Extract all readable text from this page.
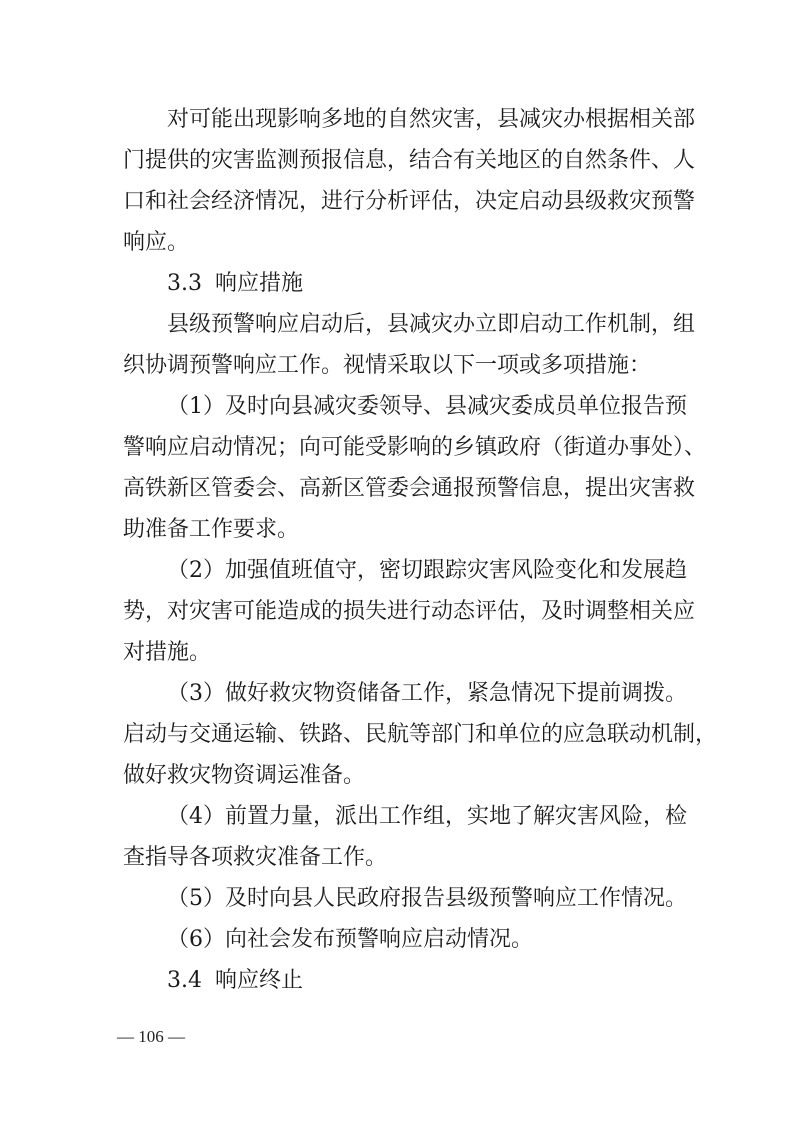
对可能出现影响多地的自然灾害，县减灾办根据相关部
门提供的灾害监测预报信息，结合有关地区的自然条件、人
口和社会经济情况，进行分析评估，决定启动县级救灾预警
响应。
3.3 响应措施
县级预警响应启动后，县减灾办立即启动工作机制，组
织协调预警响应工作。视情采取以下一项或多项措施：
（1）及时向县减灾委领导、县减灾委成员单位报告预
警响应启动情况；向可能受影响的乡镇政府（街道办事处）、
高铁新区管委会、高新区管委会通报预警信息，提出灾害救
助准备工作要求。
（2）加强值班值守，密切跟踪灾害风险变化和发展趋
势，对灾害可能造成的损失进行动态评估，及时调整相关应
对措施。
（3）做好救灾物资储备工作，紧急情况下提前调拨。
启动与交通运输、铁路、民航等部门和单位的应急联动机制，
做好救灾物资调运准备。
（4）前置力量，派出工作组，实地了解灾害风险，检
查指导各项救灾准备工作。
（5）及时向县人民政府报告县级预警响应工作情况。
（6）向社会发布预警响应启动情况。
3.4 响应终止
— 106 —
